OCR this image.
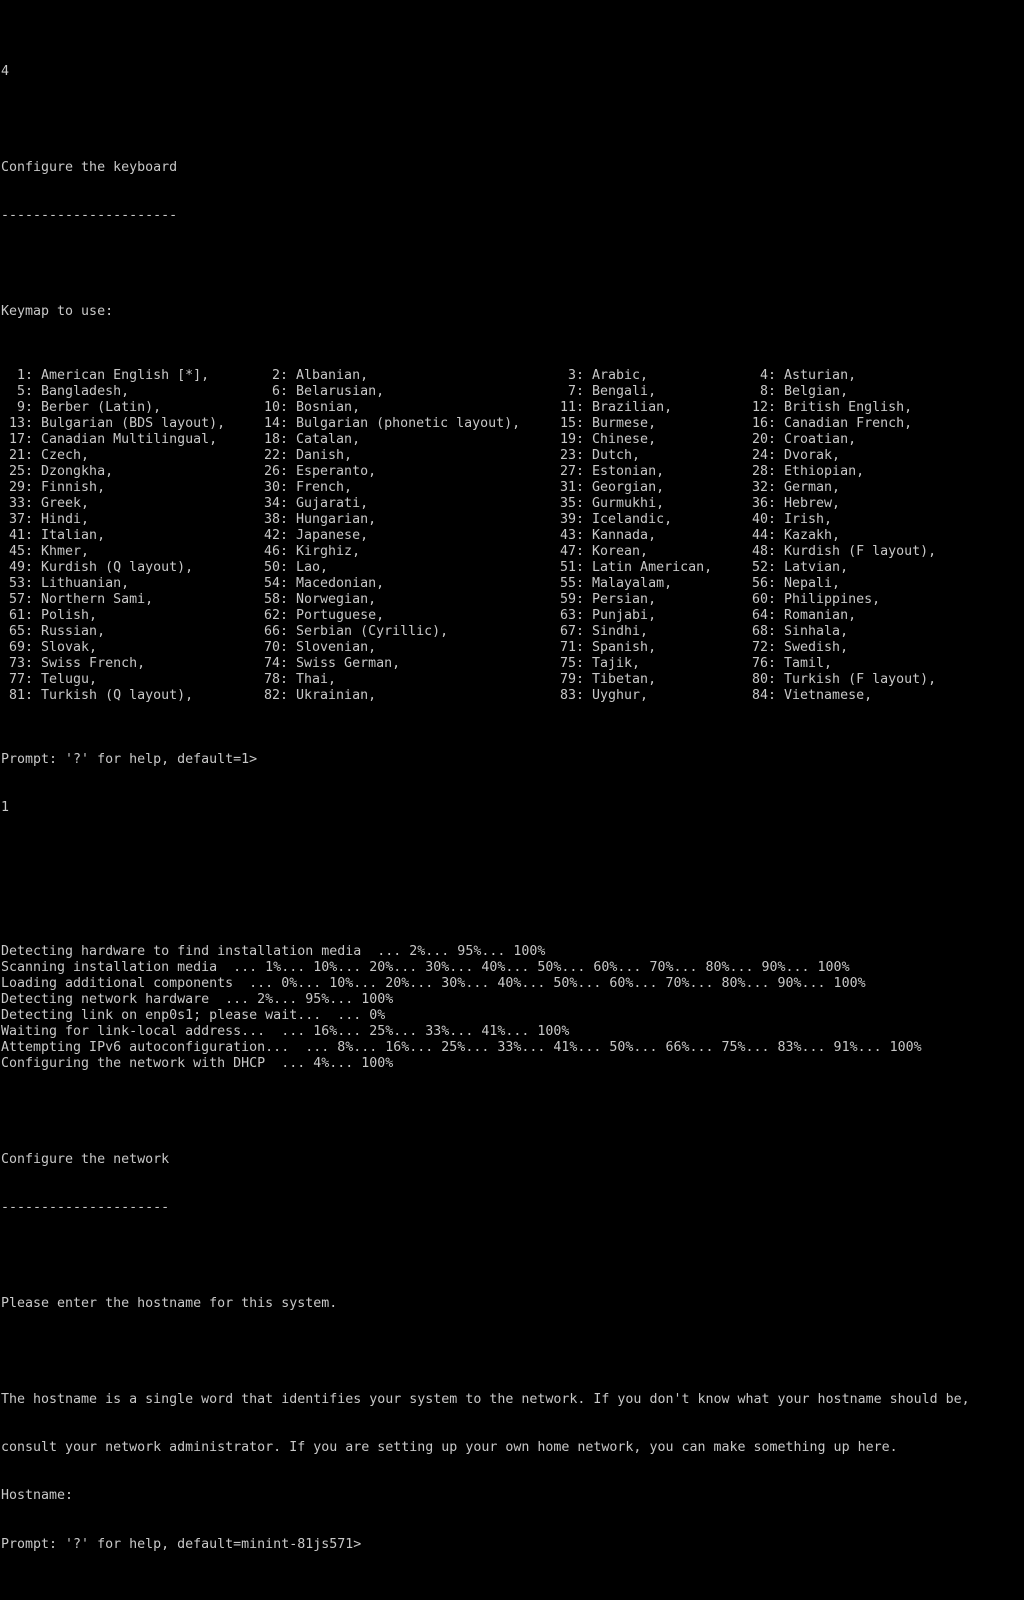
4

Configure the keyboard

----------------------

Keymap to use:

1: American English [*],	2: Albanian,	3: Arabic,	4: Asturian,
5: Bangladesh,	6: Belarusian,	7: Bengali,	8: Belgian,
9: Berber (Latin),	10: Bosnian,	11: Brazilian,	12: British English,
13: Bulgarian (BDS layout), 14: Bulgarian (phonetic layout), 15: Burmese,	16: Canadian French,
17: Canadian Multilingual,	18: Catalan,	19: Chinese,	20: Croatian,
21: Czech,	22: Danish,	23: Dutch,	24: Dvorak,
25: Dzongkha,	26: Esperanto,	27: Estonian,	28: Ethiopian,
29: Finnish,	30: French,	31: Georgian,	32: German,
33: Greek,	34: Gujarati,	35: Gurmukhi,	36: Hebrew,
37: Hindi,	38: Hungarian,	39: Icelandic,	40: Irish,
41: Italian,	42: Japanese,	43: Kannada,	44: Kazakh,
45: Khmer,	46: Kirghiz,	47: Korean,	48: Kurdish (F layout),
49: Kurdish (Q layout),	50: Lao,	51: Latin American, 52: Latvian,
53: Lithuanian,	54: Macedonian,	55: Malayalam,	56: Nepali,
57: Northern Sami,	58: Norwegian,	59: Persian,	60: Philippines,
61: Polish,	62: Portuguese,	63: Punjabi,	64: Romanian,
65: Russian,	66: Serbian (Cyrillic),	67: Sindhi,	68: Sinhala,
69: Slovak,	70: Slovenian,	71: Spanish,	72: Swedish,
73: Swiss French,	74: Swiss German,	75: Tajik,	76: Tamil,
77: Telugu,	78: Thai,	79: Tibetan,	80: Turkish (F layout),
81: Turkish (Q layout),	82: Ukrainian,	83: Uyghur,	84: Vietnamese,

Prompt: '?' for help, default=1>

1

Detecting hardware to find installation media  ... 2%... 95%... 100%
Scanning installation media  ... 1%... 10%... 20%... 30%... 40%... 50%... 60%... 70%... 80%... 90%... 100%
Loading additional components  ... 0%... 10%... 20%... 30%... 40%... 50%... 60%... 70%... 80%... 90%... 100%
Detecting network hardware  ... 2%... 95%... 100%
Detecting link on enp0s1; please wait...  ... 0%
Waiting for link-local address...  ... 16%... 25%... 33%... 41%... 100%
Attempting IPv6 autoconfiguration...  ... 8%... 16%... 25%... 33%... 41%... 50%... 66%... 75%... 83%... 91%... 100%
Configuring the network with DHCP  ... 4%... 100%

Configure the network

---------------------

Please enter the hostname for this system.

The hostname is a single word that identifies your system to the network. If you don't know what your hostname should be,

consult your network administrator. If you are setting up your own home network, you can make something up here.

Hostname:

Prompt: '?' for help, default=minint-81js571>
